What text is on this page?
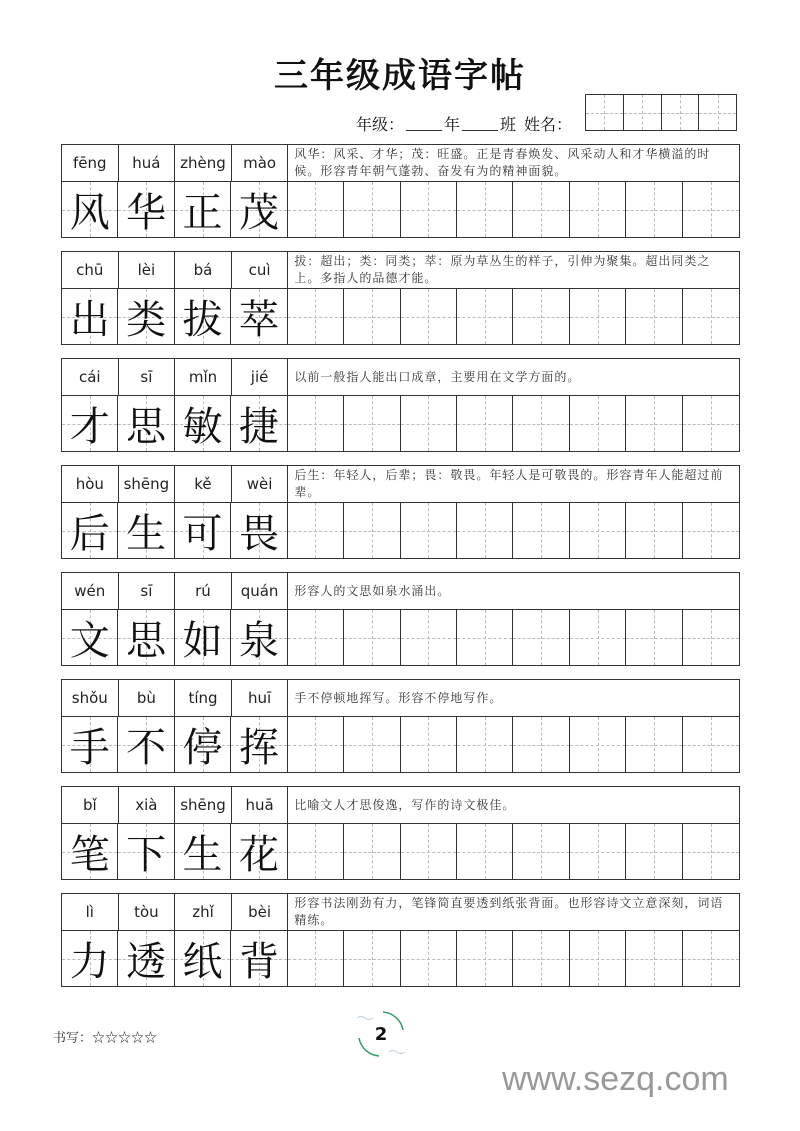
三年级成语字帖
年级：	年	班 姓名：
fēng	huá	zhèng	mào	风华：风采、才华；茂：旺盛。正是青春焕发、风采动人和才华横溢的时候。形容青年朝气蓬勃、奋发有为的精神面貌。
风 华 正 茂
chū	lèi	bá	cuì	拔：超出；类：同类；萃：原为草丛生的样子，引伸为聚集。超出同类之上。多指人的品德才能。
出 类 拔 萃
cái	sī	mǐn	jié	以前一般指人能出口成章，主要用在文学方面的。
才 思 敏 捷
hòu	shēng	kě	wèi	后生：年轻人，后辈；畏：敬畏。年轻人是可敬畏的。形容青年人能超过前辈。
后 生 可 畏
wén	sī	rú	quán	形容人的文思如泉水涌出。
文 思 如 泉
shǒu	bù	tíng	huī	手不停顿地挥写。形容不停地写作。
手 不 停 挥
bǐ	xià	shēng	huā	比喻文人才思俊逸，写作的诗文极佳。
笔 下 生 花
lì	tòu	zhǐ	bèi	形容书法刚劲有力，笔锋简直要透到纸张背面。也形容诗文立意深刻，词语精练。
力 透 纸 背
书写：☆☆☆☆☆	2
www.sezq.com
